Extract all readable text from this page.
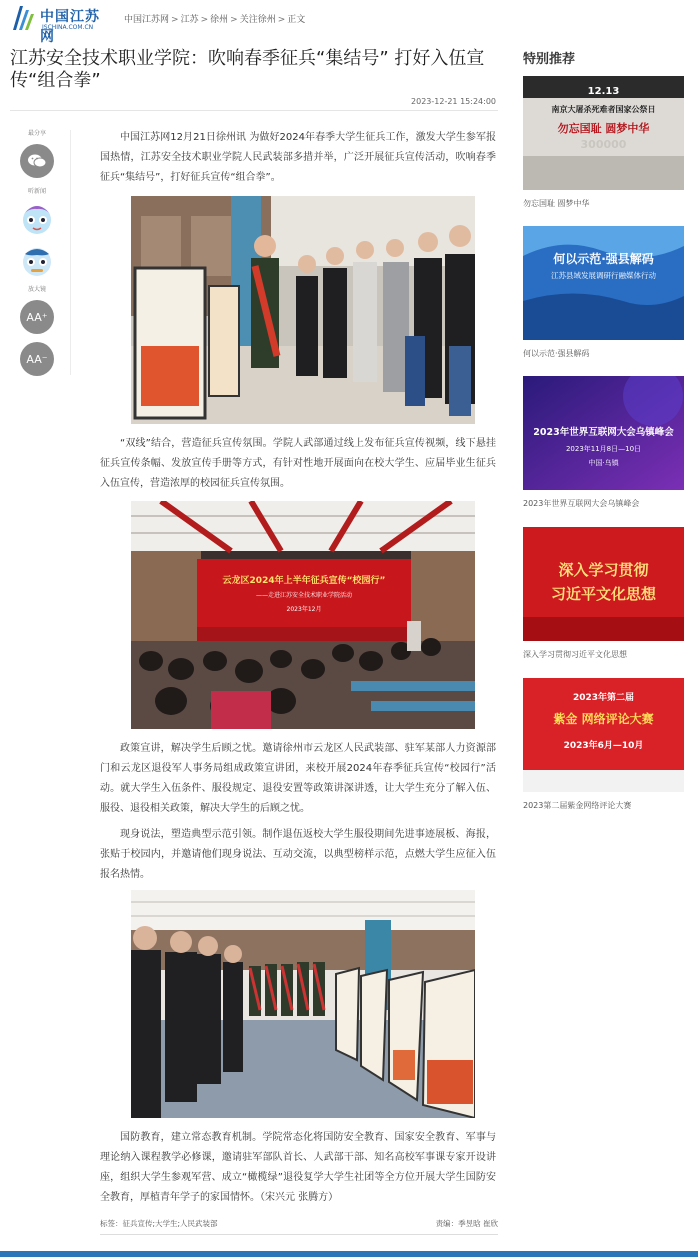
中国江苏网
JSCHINA.COM.CN
中国江苏网 > 江苏 > 徐州 > 关注徐州 > 正文
江苏安全技术职业学院：吹响春季征兵“集结号” 打好入伍宣传“组合拳”
2023-12-21 15:24:00
最分享
听新闻
放大镜
AA⁺
AA⁻

中国江苏网12月21日徐州讯 为做好2024年春季大学生征兵工作，激发大学生参军报国热情，江苏安全技术职业学院人民武装部多措并举，广泛开展征兵宣传活动，吹响春季征兵“集结号”，打好征兵宣传“组合拳”。

“双线”结合，营造征兵宣传氛围。学院人武部通过线上发布征兵宣传视频，线下悬挂征兵宣传条幅、发放宣传手册等方式，有针对性地开展面向在校大学生、应届毕业生征兵入伍宣传，营造浓厚的校园征兵宣传氛围。

云龙区2024年上半年征兵宣传“校园行”
——走进江苏安全技术职业学院活动
2023年12月

政策宣讲，解决学生后顾之忧。邀请徐州市云龙区人民武装部、驻军某部人力资源部门和云龙区退役军人事务局组成政策宣讲团，来校开展2024年春季征兵宣传“校园行”活动。就大学生入伍条件、服役规定、退役安置等政策讲深讲透，让大学生充分了解入伍、服役、退役相关政策，解决大学生的后顾之忧。

现身说法，塑造典型示范引领。制作退伍返校大学生服役期间先进事迹展板、海报，张贴于校园内，并邀请他们现身说法、互动交流，以典型榜样示范，点燃大学生应征入伍报名热情。

国防教育，建立常态教育机制。学院常态化将国防安全教育、国家安全教育、军事与理论纳入课程教学必修课，邀请驻军部队首长、人武部干部、知名高校军事课专家开设讲座，组织大学生参观军营、成立“橄榄绿”退役复学大学生社团等全方位开展大学生国防安全教育，厚植青年学子的家国情怀。（宋兴元 张腾方）

标签：征兵宣传;大学生;人民武装部	责编：季昱晗 崔欣
特别推荐
12.13
南京大屠杀死难者国家公祭日
勿忘国耻 圆梦中华
300000
勿忘国耻 圆梦中华
何以示范·强县解码
江苏县域发展调研行融媒体行动
何以示范·强县解码
2023年世界互联网大会乌镇峰会
2023年11月8日—10日
中国·乌镇
2023年世界互联网大会乌镇峰会
深入学习贯彻
习近平文化思想
深入学习贯彻习近平文化思想
2023年第二届
紫金 网络评论大赛
2023年6月—10月
2023第二届紫金网络评论大赛
